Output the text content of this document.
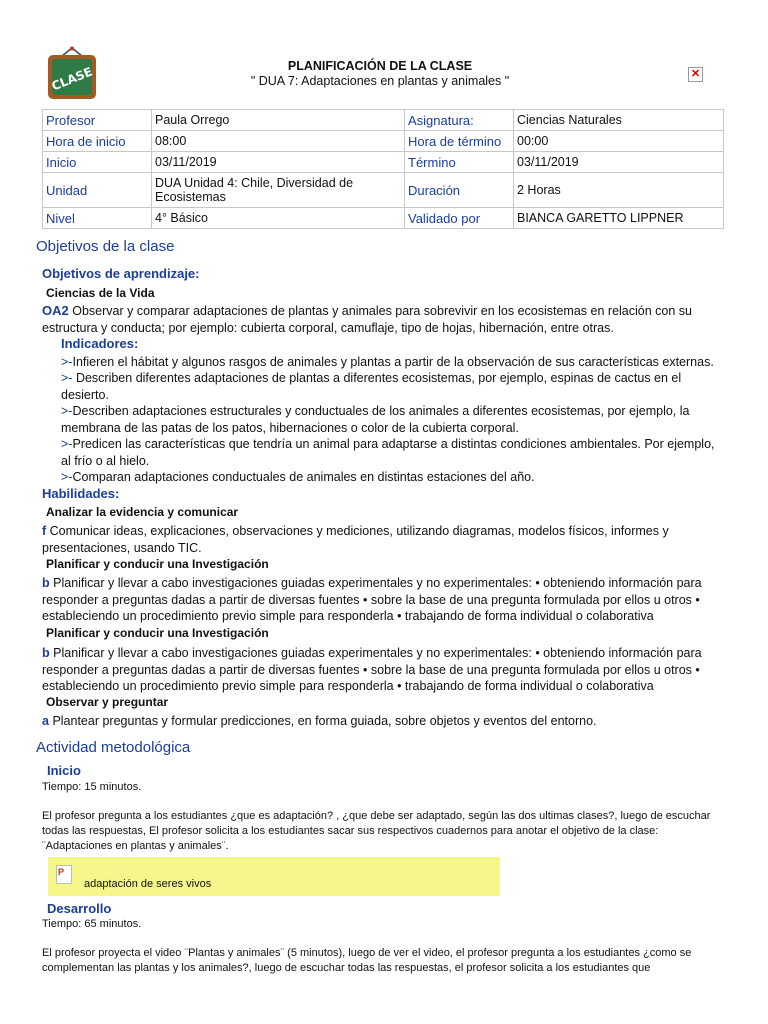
CLASE	PLANIFICACIÓN DE LA CLASE
" DUA 7: Adaptaciones en plantas y animales "	✕
Profesor	Paula Orrego	Asignatura:	Ciencias Naturales
Hora de inicio	08:00	Hora de término	00:00
Inicio	03/11/2019	Término	03/11/2019
Unidad	DUA Unidad 4: Chile, Diversidad de Ecosistemas	Duración	2 Horas
Nivel	4° Básico	Validado por	BIANCA GARETTO LIPPNER
Objetivos de la clase
Objetivos de aprendizaje:
Ciencias de la Vida
OA2 Observar y comparar adaptaciones de plantas y animales para sobrevivir en los ecosistemas en relación con su estructura y conducta; por ejemplo: cubierta corporal, camuflaje, tipo de hojas, hibernación, entre otras.
Indicadores:
>-Infieren el hábitat y algunos rasgos de animales y plantas a partir de la observación de sus características externas.
>- Describen diferentes adaptaciones de plantas a diferentes ecosistemas, por ejemplo, espinas de cactus en el desierto.
>-Describen adaptaciones estructurales y conductuales de los animales a diferentes ecosistemas, por ejemplo, la membrana de las patas de los patos, hibernaciones o color de la cubierta corporal.
>-Predicen las características que tendría un animal para adaptarse a distintas condiciones ambientales. Por ejemplo, al frío o al hielo.
>-Comparan adaptaciones conductuales de animales en distintas estaciones del año.
Habilidades:
Analizar la evidencia y comunicar
f Comunicar ideas, explicaciones, observaciones y mediciones, utilizando diagramas, modelos físicos, informes y presentaciones, usando TIC.
Planificar y conducir una Investigación
b Planificar y llevar a cabo investigaciones guiadas experimentales y no experimentales: • obteniendo información para responder a preguntas dadas a partir de diversas fuentes • sobre la base de una pregunta formulada por ellos u otros • estableciendo un procedimiento previo simple para responderla • trabajando de forma individual o colaborativa
Planificar y conducir una Investigación
b Planificar y llevar a cabo investigaciones guiadas experimentales y no experimentales: • obteniendo información para responder a preguntas dadas a partir de diversas fuentes • sobre la base de una pregunta formulada por ellos u otros • estableciendo un procedimiento previo simple para responderla • trabajando de forma individual o colaborativa
Observar y preguntar
a Plantear preguntas y formular predicciones, en forma guiada, sobre objetos y eventos del entorno.
Actividad metodológica
Inicio
Tiempo: 15 minutos.
El profesor pregunta a los estudiantes ¿que es adaptación? , ¿que debe ser adaptado, según las dos ultimas clases?, luego de escuchar todas las respuestas, El profesor solicita a los estudiantes sacar sus respectivos cuadernos para anotar el objetivo de la clase: ¨Adaptaciones en plantas y animales¨.
P
adaptación de seres vivos
Desarrollo
Tiempo: 65 minutos.
El profesor proyecta el video ¨Plantas y animales¨ (5 minutos), luego de ver el video, el profesor pregunta a los estudiantes ¿como se complementan las plantas y los animales?, luego de escuchar todas las respuestas, el profesor solicita a los estudiantes que
